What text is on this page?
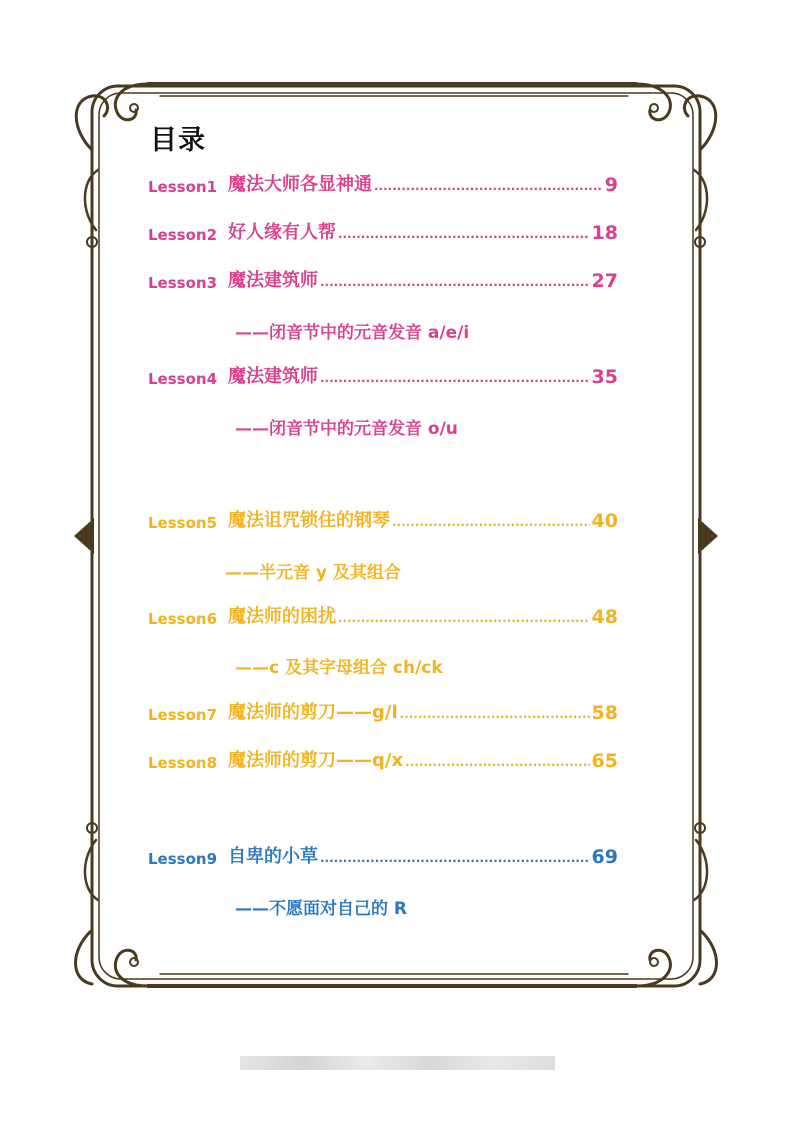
目录
Lesson1 魔法大师各显神通 .....	9
Lesson2 好人缘有人帮 .....	18
Lesson3 魔法建筑师 .....	27
——闭音节中的元音发音 a/e/i
Lesson4 魔法建筑师 .....	35
——闭音节中的元音发音 o/u
Lesson5 魔法诅咒锁住的钢琴 .....	40
——半元音 y 及其组合
Lesson6 魔法师的困扰 .....	48
——c 及其字母组合 ch/ck
Lesson7 魔法师的剪刀——g/l .....	58
Lesson8 魔法师的剪刀——q/x .....	65
Lesson9 自卑的小草 .....	69
——不愿面对自己的 R
